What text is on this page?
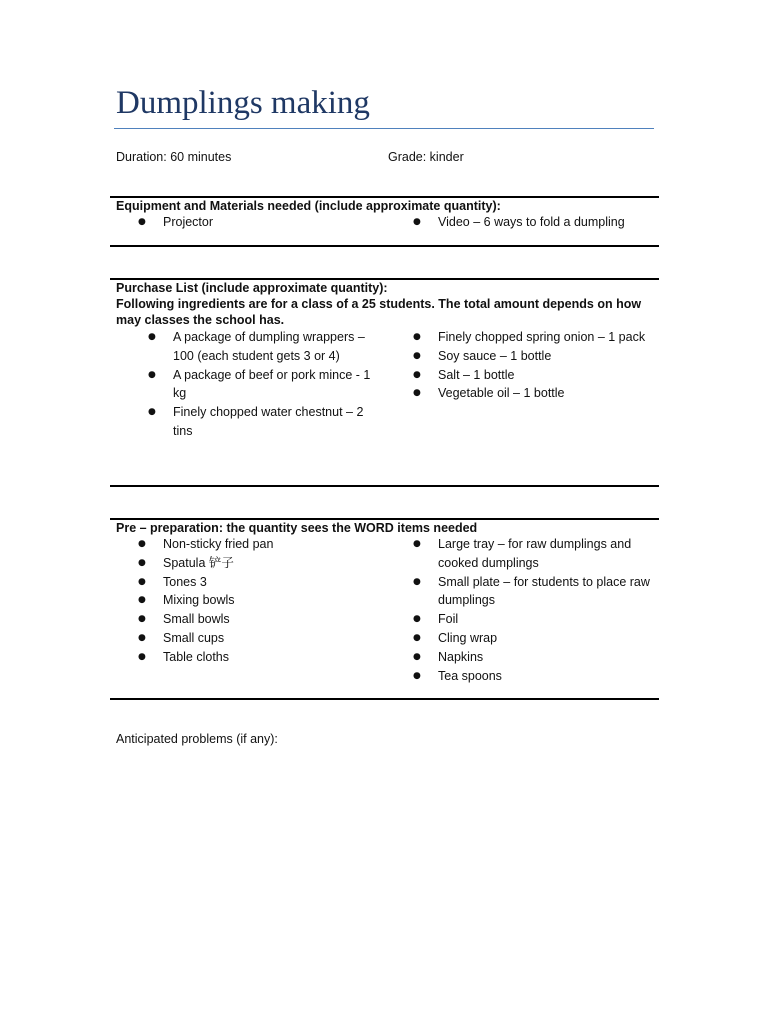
Dumplings making
Duration: 60 minutes	Grade: kinder
Equipment and Materials needed (include approximate quantity):
● Projector
●	Video – 6 ways to fold a dumpling
Purchase List (include approximate quantity):
Following ingredients are for a class of a 25 students. The total amount depends on how may classes the school has.
● A package of dumpling wrappers – 100 (each student gets 3 or 4)
● A package of beef or pork mince - 1 kg
● Finely chopped water chestnut – 2 tins
● Finely chopped spring onion – 1 pack
● Soy sauce – 1 bottle
● Salt – 1 bottle
● Vegetable oil – 1 bottle
Pre – preparation: the quantity sees the WORD items needed
● Non-sticky fried pan
● Spatula 铲子
● Tones 3
● Mixing bowls
● Small bowls
● Small cups
● Table cloths
● Large tray – for raw dumplings and cooked dumplings
● Small plate – for students to place raw dumplings
● Foil
● Cling wrap
● Napkins
● Tea spoons
Anticipated problems (if any):
